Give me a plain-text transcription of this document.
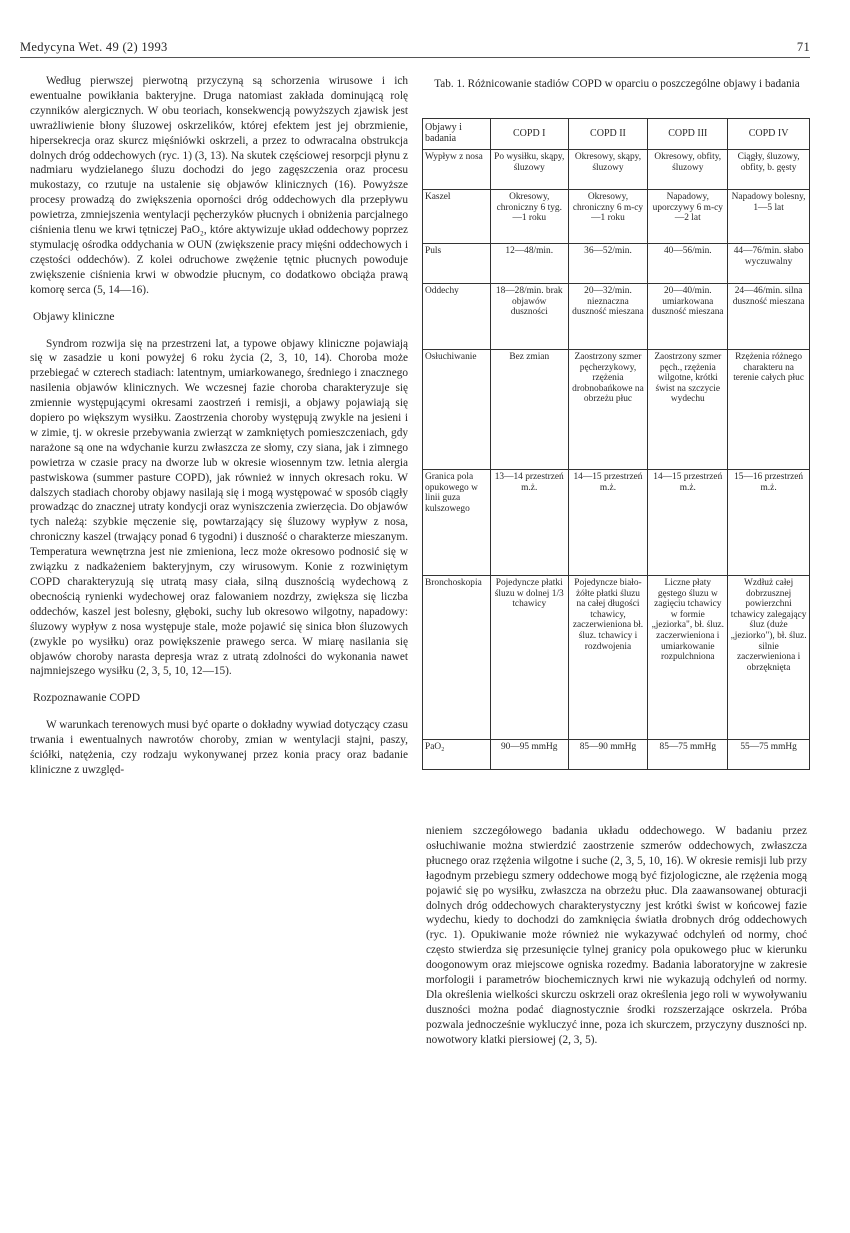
Medycyna Wet. 49 (2) 1993	71

Według pierwszej pierwotną przyczyną są schorzenia wirusowe i ich ewentualne powikłania bakteryjne. Druga natomiast zakłada dominującą rolę czynników alergicznych. W obu teoriach, konsekwencją powyższych zjawisk jest uwrażliwienie błony śluzowej oskrzelików, której efektem jest jej obrzmienie, hipersekrecja oraz skurcz mięśniówki oskrzeli, a przez to odwracalna obstrukcja dolnych dróg oddechowych (ryc. 1) (3, 13). Na skutek częściowej resorpcji płynu z nadmiaru wydzielanego śluzu dochodzi do jego zagęszczenia oraz procesu mukostazy, co rzutuje na ustalenie się objawów klinicznych (16). Powyższe procesy prowadzą do zwiększenia oporności dróg oddechowych dla przepływu powietrza, zmniejszenia wentylacji pęcherzyków płucnych i obniżenia parcjalnego ciśnienia tlenu we krwi tętniczej PaO₂, które aktywizuje układ oddechowy poprzez stymulację ośrodka oddychania w OUN (zwiększenie pracy mięśni oddechowych i częstości oddechów). Z kolei odruchowe zwężenie tętnic płucnych powoduje zwiększenie ciśnienia krwi w obwodzie płucnym, co dodatkowo obciąża prawą komorę serca (5, 14—16).

Objawy kliniczne

Syndrom rozwija się na przestrzeni lat, a typowe objawy kliniczne pojawiają się w zasadzie u koni powyżej 6 roku życia (2, 3, 10, 14). Choroba może przebiegać w czterech stadiach: latentnym, umiarkowanego, średniego i znacznego nasilenia objawów klinicznych. We wczesnej fazie choroba charakteryzuje się zmiennie występującymi okresami zaostrzeń i remisji, a objawy pojawiają się dopiero po większym wysiłku. Zaostrzenia choroby występują zwykle na jesieni i w zimie, tj. w okresie przebywania zwierząt w zamkniętych pomieszczeniach, gdy narażone są one na wdychanie kurzu zwłaszcza ze słomy, czy siana, jak i zimnego powietrza w czasie pracy na dworze lub w okresie wiosennym tzw. letnia alergia pastwiskowa (summer pasture COPD), jak również w innych okresach roku. W dalszych stadiach choroby objawy nasilają się i mogą występować w sposób ciągły prowadząc do znacznej utraty kondycji oraz wyniszczenia zwierzęcia. Do objawów tych należą: szybkie męczenie się, powtarzający się śluzowy wypływ z nosa, chroniczny kaszel (trwający ponad 6 tygodni) i duszność o charakterze mieszanym. Temperatura wewnętrzna jest nie zmieniona, lecz może okresowo podnosić się w związku z nadkażeniem bakteryjnym, czy wirusowym. Konie z rozwiniętym COPD charakteryzują się utratą masy ciała, silną dusznością wydechową z obecnością rynienki wydechowej oraz falowaniem nozdrzy, zwiększa się liczba oddechów, kaszel jest bolesny, głęboki, suchy lub okresowo wilgotny, napadowy: śluzowy wypływ z nosa występuje stale, może pojawić się sinica błon śluzowych (zwykle po wysiłku) oraz powiększenie prawego serca. W miarę nasilania się objawów choroby narasta depresja wraz z utratą zdolności do wykonania nawet najmniejszego wysiłku (2, 3, 5, 10, 12—15).

Rozpoznawanie COPD

W warunkach terenowych musi być oparte o dokładny wywiad dotyczący czasu trwania i ewentualnych nawrotów choroby, zmian w wentylacji stajni, paszy, ściółki, natężenia, czy rodzaju wykonywanej przez konia pracy oraz badanie kliniczne z uwzględ-

Tab. 1. Różnicowanie stadiów COPD w oparciu o poszczególne objawy i badania
Objawy i badania	COPD I	COPD II	COPD III	COPD IV
Wypływ z nosa	Po wysiłku, skąpy, śluzowy	Okresowy, skąpy, śluzowy	Okresowy, obfity, śluzowy	Ciągły, śluzowy, obfity, b. gęsty
Kaszel	Okresowy, chroniczny 6 tyg.—1 roku	Okresowy, chroniczny 6 m-cy—1 roku	Napadowy, uporczywy 6 m-cy—2 lat	Napadowy bolesny, 1—5 lat
Puls	12—48/min.	36—52/min.	40—56/min.	44—76/min. słabo wyczuwalny
Oddechy	18—28/min. brak objawów duszności	20—32/min. nieznaczna duszność mieszana	20—40/min. umiarkowana duszność mieszana	24—46/min. silna duszność mieszana
Osłuchiwanie	Bez zmian	Zaostrzony szmer pęcherzykowy, rzężenia drobnobańkowe na obrzeżu płuc	Zaostrzony szmer pęch., rzężenia wilgotne, krótki świst na szczycie wydechu	Rzężenia różnego charakteru na terenie całych płuc
Granica pola opukowego w linii guza kulszowego	13—14 przestrzeń m.ż.	14—15 przestrzeń m.ż.	14—15 przestrzeń m.ż.	15—16 przestrzeń m.ż.
Bronchoskopia	Pojedyncze płatki śluzu w dolnej 1/3 tchawicy	Pojedyncze biało-żółte płatki śluzu na całej długości tchawicy, zaczerwieniona bł. śluz. tchawicy i rozdwojenia	Liczne płaty gęstego śluzu w zagięciu tchawicy w formie „jeziorka", bł. śluz. zaczerwieniona i umiarkowanie rozpulchniona	Wzdłuż całej dobrzusznej powierzchni tchawicy zalegający śluz (duże „jeziorko"), bł. śluz. silnie zaczerwieniona i obrzęknięta
PaO₂	90—95 mmHg	85—90 mmHg	85—75 mmHg	55—75 mmHg

nieniem szczegółowego badania układu oddechowego. W badaniu przez osłuchiwanie można stwierdzić zaostrzenie szmerów oddechowych, zwłaszcza płucnego oraz rzężenia wilgotne i suche (2, 3, 5, 10, 16). W okresie remisji lub przy łagodnym przebiegu szmery oddechowe mogą być fizjologiczne, ale rzężenia mogą pojawić się po wysiłku, zwłaszcza na obrzeżu płuc. Dla zaawansowanej obturacji dolnych dróg oddechowych charakterystyczny jest krótki świst w końcowej fazie wydechu, kiedy to dochodzi do zamknięcia światła drobnych dróg oddechowych (ryc. 1). Opukiwanie może również nie wykazywać odchyleń od normy, choć często stwierdza się przesunięcie tylnej granicy pola opukowego płuc w kierunku doogonowym oraz miejscowe ogniska rozedmy. Badania laboratoryjne w zakresie morfologii i parametrów biochemicznych krwi nie wykazują odchyleń od normy. Dla określenia wielkości skurczu oskrzeli oraz określenia jego roli w wywoływaniu duszności można podać diagnostycznie środki rozszerzające oskrzela. Próba pozwala jednocześnie wykluczyć inne, poza ich skurczem, przyczyny duszności np. nowotwory klatki piersiowej (2, 3, 5).
